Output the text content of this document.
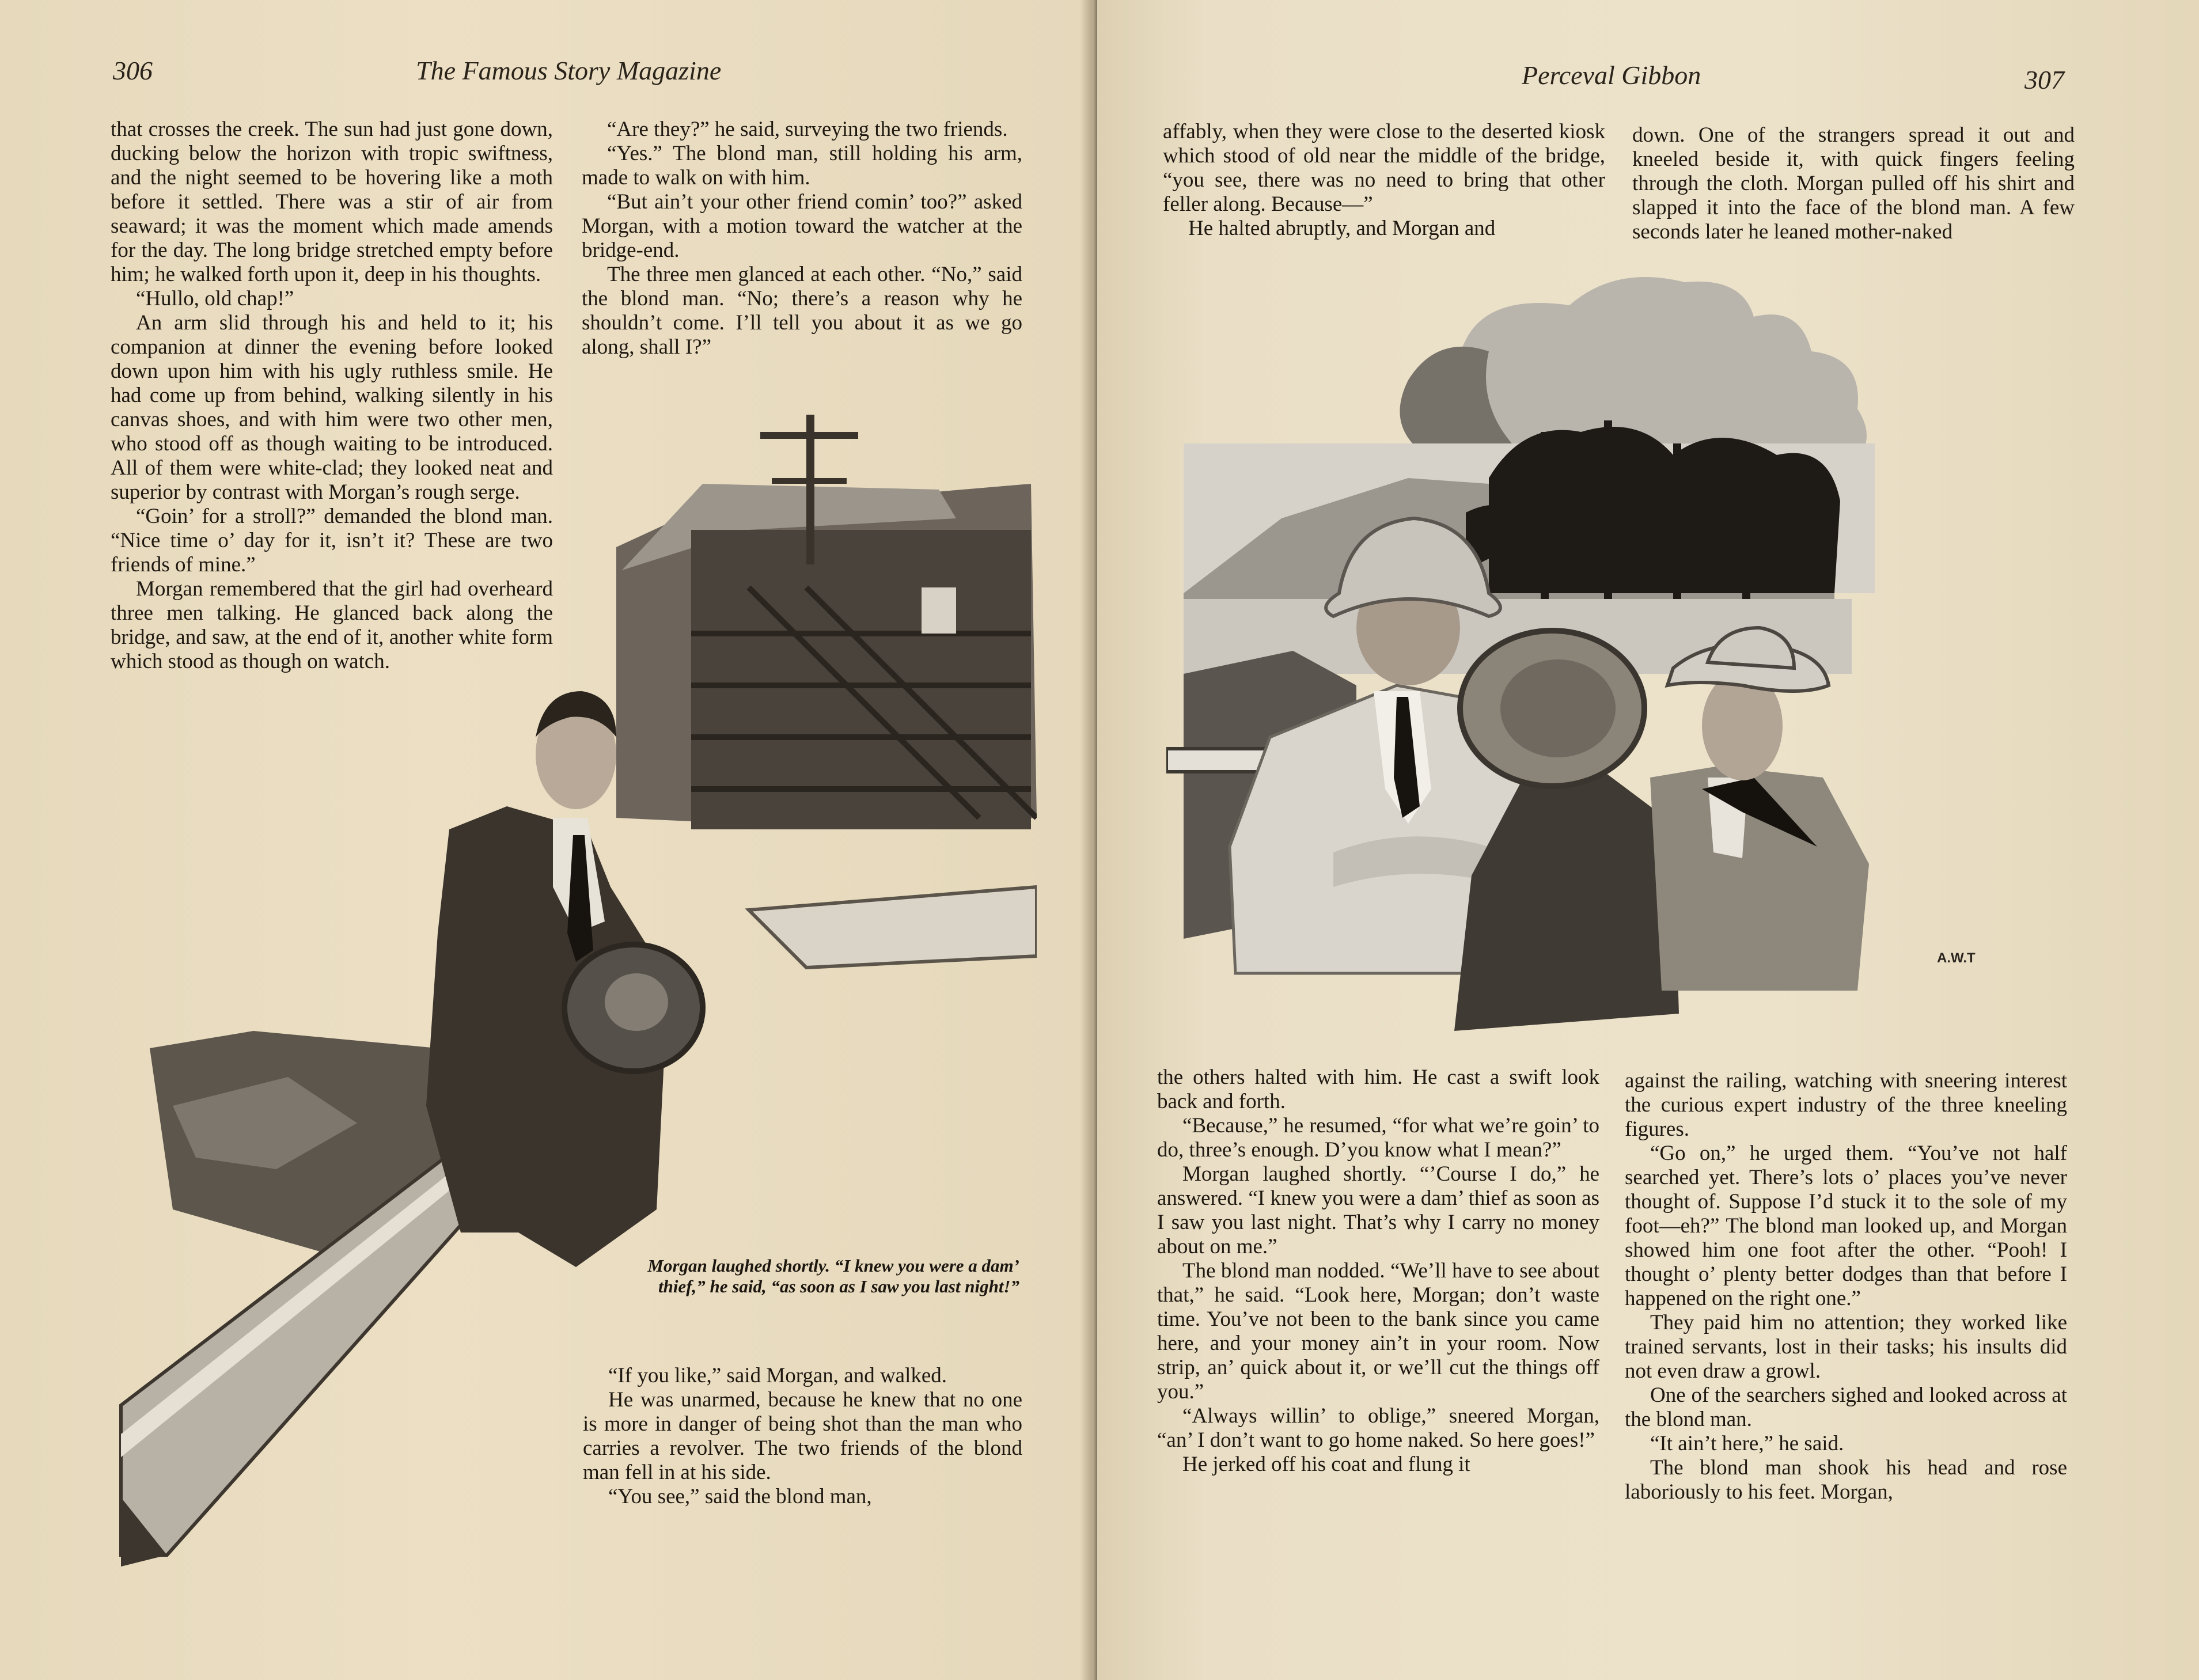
306	The Famous Story Magazine

that crosses the creek. The sun had just gone down, ducking below the horizon with tropic swiftness, and the night seemed to be hovering like a moth before it settled. There was a stir of air from seaward; it was the moment which made amends for the day. The long bridge stretched empty before him; he walked forth upon it, deep in his thoughts.

“Hullo, old chap!”

An arm slid through his and held to it; his companion at dinner the evening before looked down upon him with his ugly ruthless smile. He had come up from behind, walking silently in his canvas shoes, and with him were two other men, who stood off as though waiting to be introduced. All of them were white-clad; they looked neat and superior by contrast with Morgan’s rough serge.

“Goin’ for a stroll?” demanded the blond man. “Nice time o’ day for it, isn’t it? These are two friends of mine.”

Morgan remembered that the girl had overheard three men talking. He glanced back along the bridge, and saw, at the end of it, another white form which stood as though on watch.

“Are they?” he said, surveying the two friends.

“Yes.” The blond man, still holding his arm, made to walk on with him.

“But ain’t your other friend comin’ too?” asked Morgan, with a motion toward the watcher at the bridge-end.

The three men glanced at each other. “No,” said the blond man. “No; there’s a reason why he shouldn’t come. I’ll tell you about it as we go along, shall I?”

Morgan laughed shortly. “I knew you were a dam’ thief,” he said, “as soon as I saw you last night!”

“If you like,” said Morgan, and walked.

He was unarmed, because he knew that no one is more in danger of being shot than the man who carries a revolver. The two friends of the blond man fell in at his side.

“You see,” said the blond man,

Perceval Gibbon	307

affably, when they were close to the deserted kiosk which stood of old near the middle of the bridge, “you see, there was no need to bring that other feller along. Because—”

He halted abruptly, and Morgan and

down. One of the strangers spread it out and kneeled beside it, with quick fingers feeling through the cloth. Morgan pulled off his shirt and slapped it into the face of the blond man. A few seconds later he leaned mother-naked

A.W.T

the others halted with him. He cast a swift look back and forth.

“Because,” he resumed, “for what we’re goin’ to do, three’s enough. D’you know what I mean?”

Morgan laughed shortly. “’Course I do,” he answered. “I knew you were a dam’ thief as soon as I saw you last night. That’s why I carry no money about on me.”

The blond man nodded. “We’ll have to see about that,” he said. “Look here, Morgan; don’t waste time. You’ve not been to the bank since you came here, and your money ain’t in your room. Now strip, an’ quick about it, or we’ll cut the things off you.”

“Always willin’ to oblige,” sneered Morgan, “an’ I don’t want to go home naked. So here goes!”

He jerked off his coat and flung it

against the railing, watching with sneering interest the curious expert industry of the three kneeling figures.

“Go on,” he urged them. “You’ve not half searched yet. There’s lots o’ places you’ve never thought of. Suppose I’d stuck it to the sole of my foot—eh?” The blond man looked up, and Morgan showed him one foot after the other. “Pooh! I thought o’ plenty better dodges than that before I happened on the right one.”

They paid him no attention; they worked like trained servants, lost in their tasks; his insults did not even draw a growl.

One of the searchers sighed and looked across at the blond man.

“It ain’t here,” he said.

The blond man shook his head and rose laboriously to his feet. Morgan,
